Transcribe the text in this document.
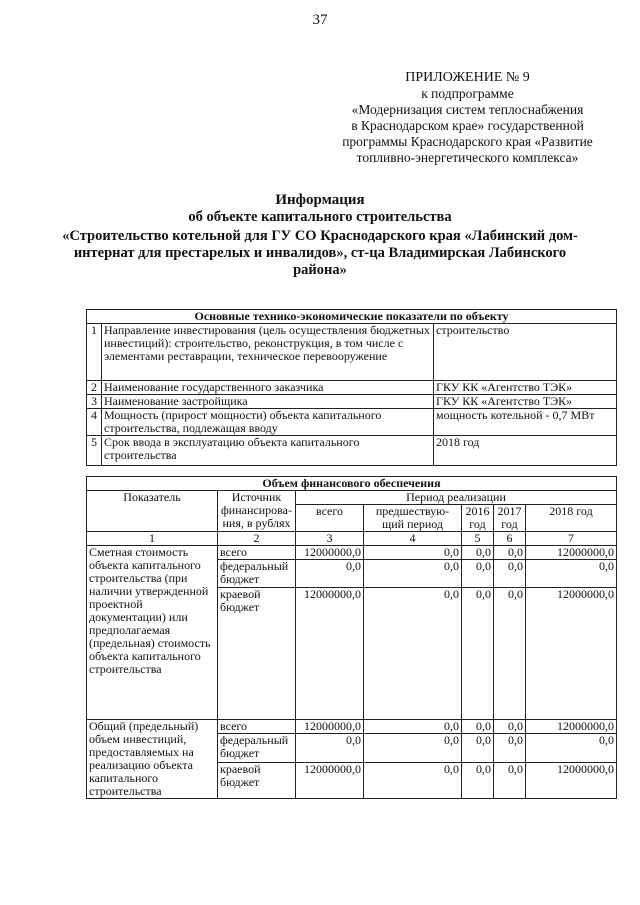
37
ПРИЛОЖЕНИЕ № 9
к подпрограмме
«Модернизация систем теплоснабжения
в Краснодарском крае» государственной
программы Краснодарского края «Развитие
топливно-энергетического комплекса»
Информация
об объекте капитального строительства
«Строительство котельной для ГУ СО Краснодарского края «Лабинский дом-интернат для престарелых и инвалидов», ст-ца Владимирская Лабинского района»
Основные технико-экономические показатели по объекту		
1	Направление инвестирования (цель осуществления бюджетных инвестиций): строительство, реконструкция, в том числе с элементами реставрации, техническое перевооружение	строительство
2	Наименование государственного заказчика	ГКУ КК «Агентство ТЭК»
3	Наименование застройщика	ГКУ КК «Агентство ТЭК»
4	Мощность (прирост мощности) объекта капитального строительства, подлежащая вводу	мощность котельной - 0,7 МВт
5	Срок ввода в эксплуатацию объекта капитального строительства	2018 год
Объем финансового обеспечения						
Показатель	Источник финансирова-ния, в рублях	Период реализации				
		всего	предшествую-щий период	2016 год	2017 год	2018 год
1	2	3	4	5	6	7
Сметная стоимость объекта капитального строительства (при наличии утвержденной проектной документации) или предполагаемая (предельная) стоимость объекта капитального строительства	всего	12000000,0	0,0	0,0	0,0	12000000,0
	федеральный бюджет	0,0	0,0	0,0	0,0	0,0
	краевой бюджет	12000000,0	0,0	0,0	0,0	12000000,0
Общий (предельный) объем инвестиций, предоставляемых на реализацию объекта капитального строительства	всего	12000000,0	0,0	0,0	0,0	12000000,0
	федеральный бюджет	0,0	0,0	0,0	0,0	0,0
	краевой бюджет	12000000,0	0,0	0,0	0,0	12000000,0
